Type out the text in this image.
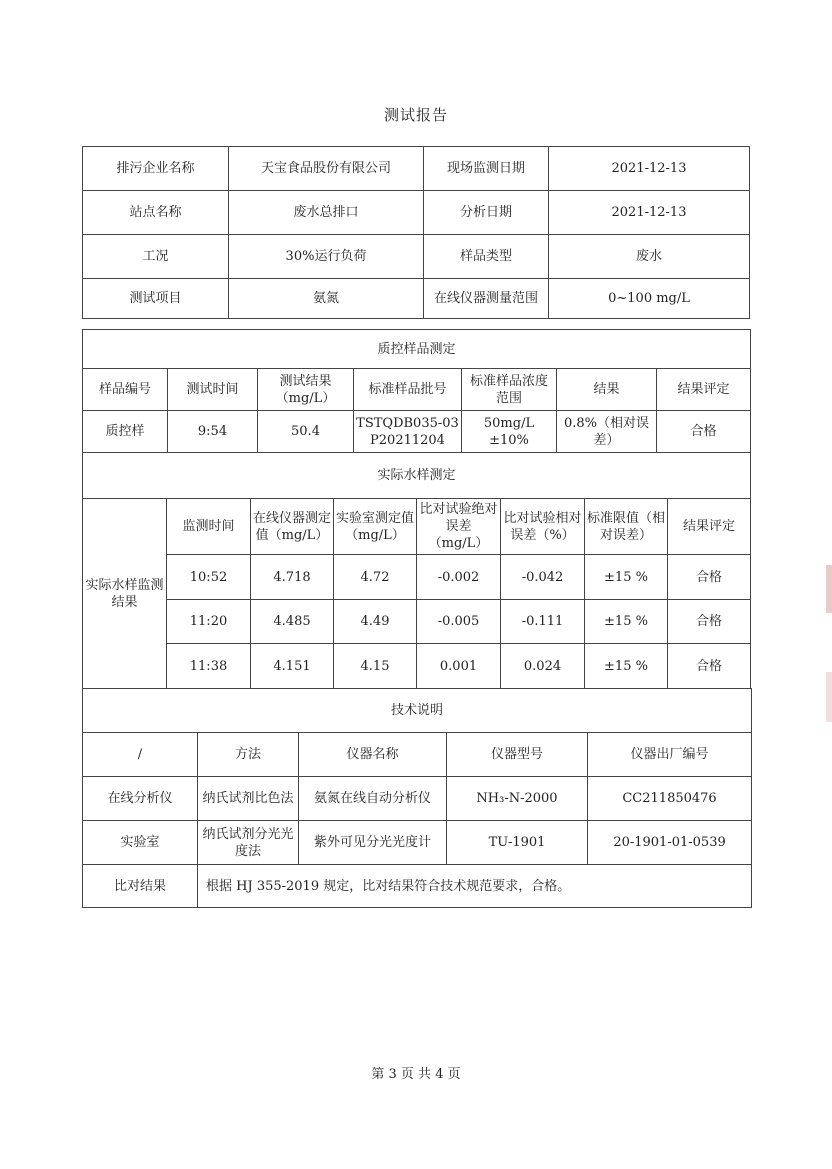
测试报告
排污企业名称	天宝食品股份有限公司	现场监测日期	2021-12-13
站点名称	废水总排口	分析日期	2021-12-13
工况	30%运行负荷	样品类型	废水
测试项目	氨氮	在线仪器测量范围	0~100 mg/L
质控样品测定						
样品编号	测试时间	测试结果（mg/L）	标准样品批号	标准样品浓度范围	结果	结果评定
质控样	9:54	50.4	TSTQDB035-03P20211204	50mg/L ±10%	0.8%（相对误差）	合格
实际水样测定							
实际水样监测结果	监测时间	在线仪器测定值（mg/L）	实验室测定值（mg/L）	比对试验绝对误差（mg/L）	比对试验相对误差（%）	标准限值（相对误差）	结果评定
	10:52	4.718	4.72	-0.002	-0.042	±15 %	合格
	11:20	4.485	4.49	-0.005	-0.111	±15 %	合格
	11:38	4.151	4.15	0.001	0.024	±15 %	合格
技术说明				
/	方法	仪器名称	仪器型号	仪器出厂编号
在线分析仪	纳氏试剂比色法	氨氮在线自动分析仪	NH₃-N-2000	CC211850476
实验室	纳氏试剂分光光度法	紫外可见分光光度计	TU-1901	20-1901-01-0539
比对结果	根据 HJ 355-2019 规定，比对结果符合技术规范要求，合格。			
第 3 页 共 4 页
